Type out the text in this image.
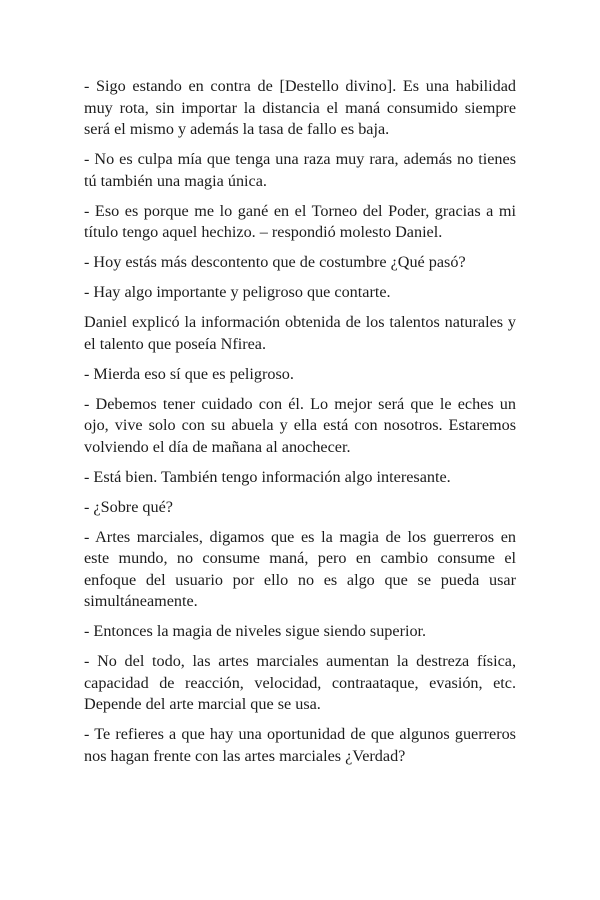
- Sigo estando en contra de [Destello divino]. Es una habilidad muy rota, sin importar la distancia el maná consumido siempre será el mismo y además la tasa de fallo es baja.

- No es culpa mía que tenga una raza muy rara, además no tienes tú también una magia única.

- Eso es porque me lo gané en el Torneo del Poder, gracias a mi título tengo aquel hechizo. – respondió molesto Daniel.

- Hoy estás más descontento que de costumbre ¿Qué pasó?

- Hay algo importante y peligroso que contarte.

Daniel explicó la información obtenida de los talentos naturales y el talento que poseía Nfirea.

- Mierda eso sí que es peligroso.

- Debemos tener cuidado con él. Lo mejor será que le eches un ojo, vive solo con su abuela y ella está con nosotros. Estaremos volviendo el día de mañana al anochecer.

- Está bien. También tengo información algo interesante.

- ¿Sobre qué?

- Artes marciales, digamos que es la magia de los guerreros en este mundo, no consume maná, pero en cambio consume el enfoque del usuario por ello no es algo que se pueda usar simultáneamente.

- Entonces la magia de niveles sigue siendo superior.

- No del todo, las artes marciales aumentan la destreza física, capacidad de reacción, velocidad, contraataque, evasión, etc. Depende del arte marcial que se usa.

- Te refieres a que hay una oportunidad de que algunos guerreros nos hagan frente con las artes marciales ¿Verdad?
